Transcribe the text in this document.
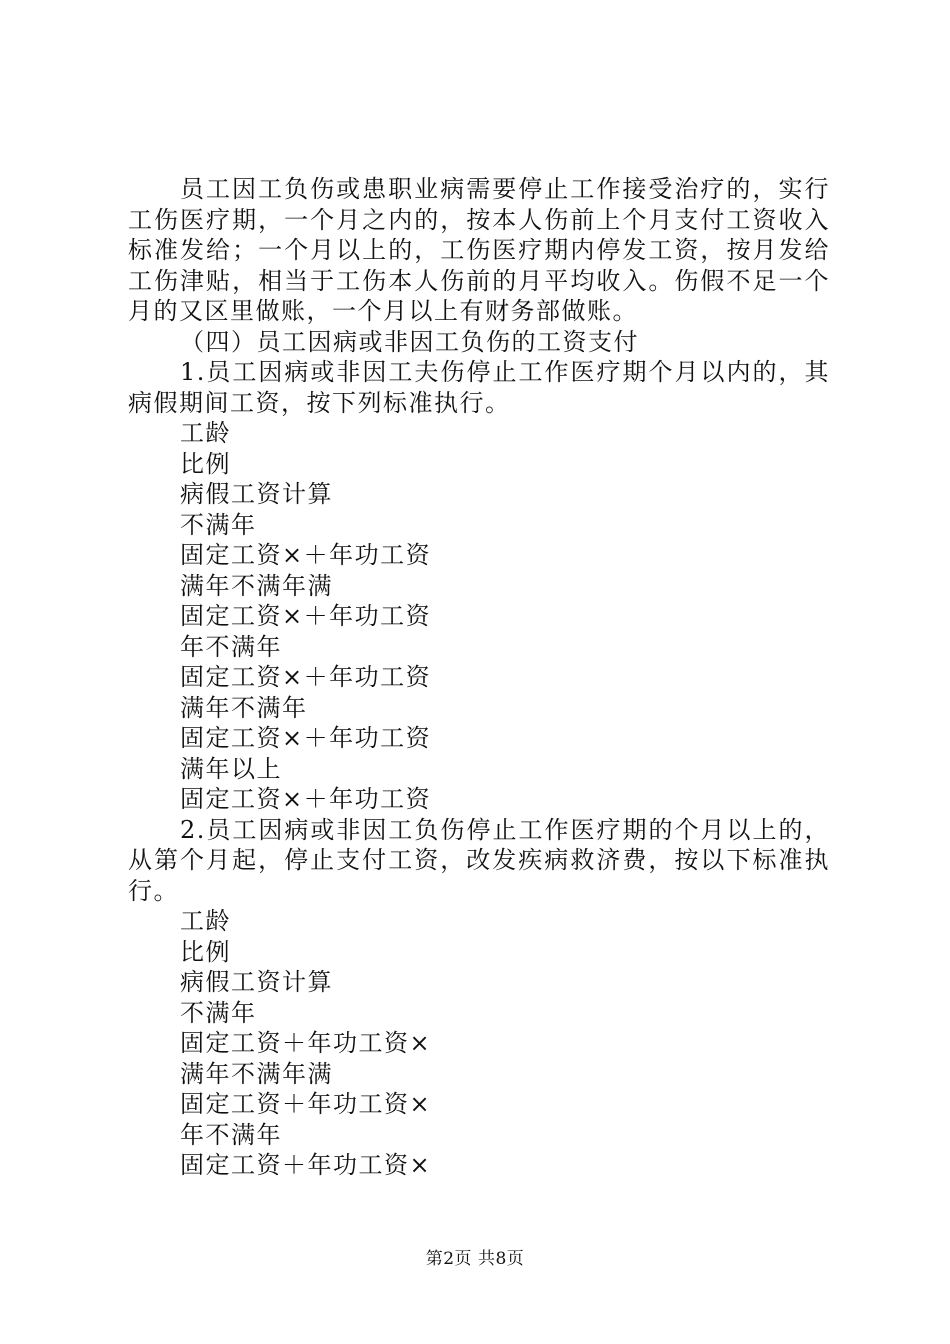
员工因工负伤或患职业病需要停止工作接受治疗的，实行工伤医疗期，一个月之内的，按本人伤前上个月支付工资收入标准发给；一个月以上的，工伤医疗期内停发工资，按月发给工伤津贴，相当于工伤本人伤前的月平均收入。伤假不足一个月的又区里做账，一个月以上有财务部做账。

（四）员工因病或非因工负伤的工资支付

1.员工因病或非因工夫伤停止工作医疗期个月以内的，其病假期间工资，按下列标准执行。

工龄
比例
病假工资计算
不满年
固定工资×＋年功工资
满年不满年满
固定工资×＋年功工资
年不满年
固定工资×＋年功工资
满年不满年
固定工资×＋年功工资
满年以上
固定工资×＋年功工资

2.员工因病或非因工负伤停止工作医疗期的个月以上的，从第个月起，停止支付工资，改发疾病救济费，按以下标准执行。

工龄
比例
病假工资计算
不满年
固定工资＋年功工资×
满年不满年满
固定工资＋年功工资×
年不满年
固定工资＋年功工资×
第2页 共8页
